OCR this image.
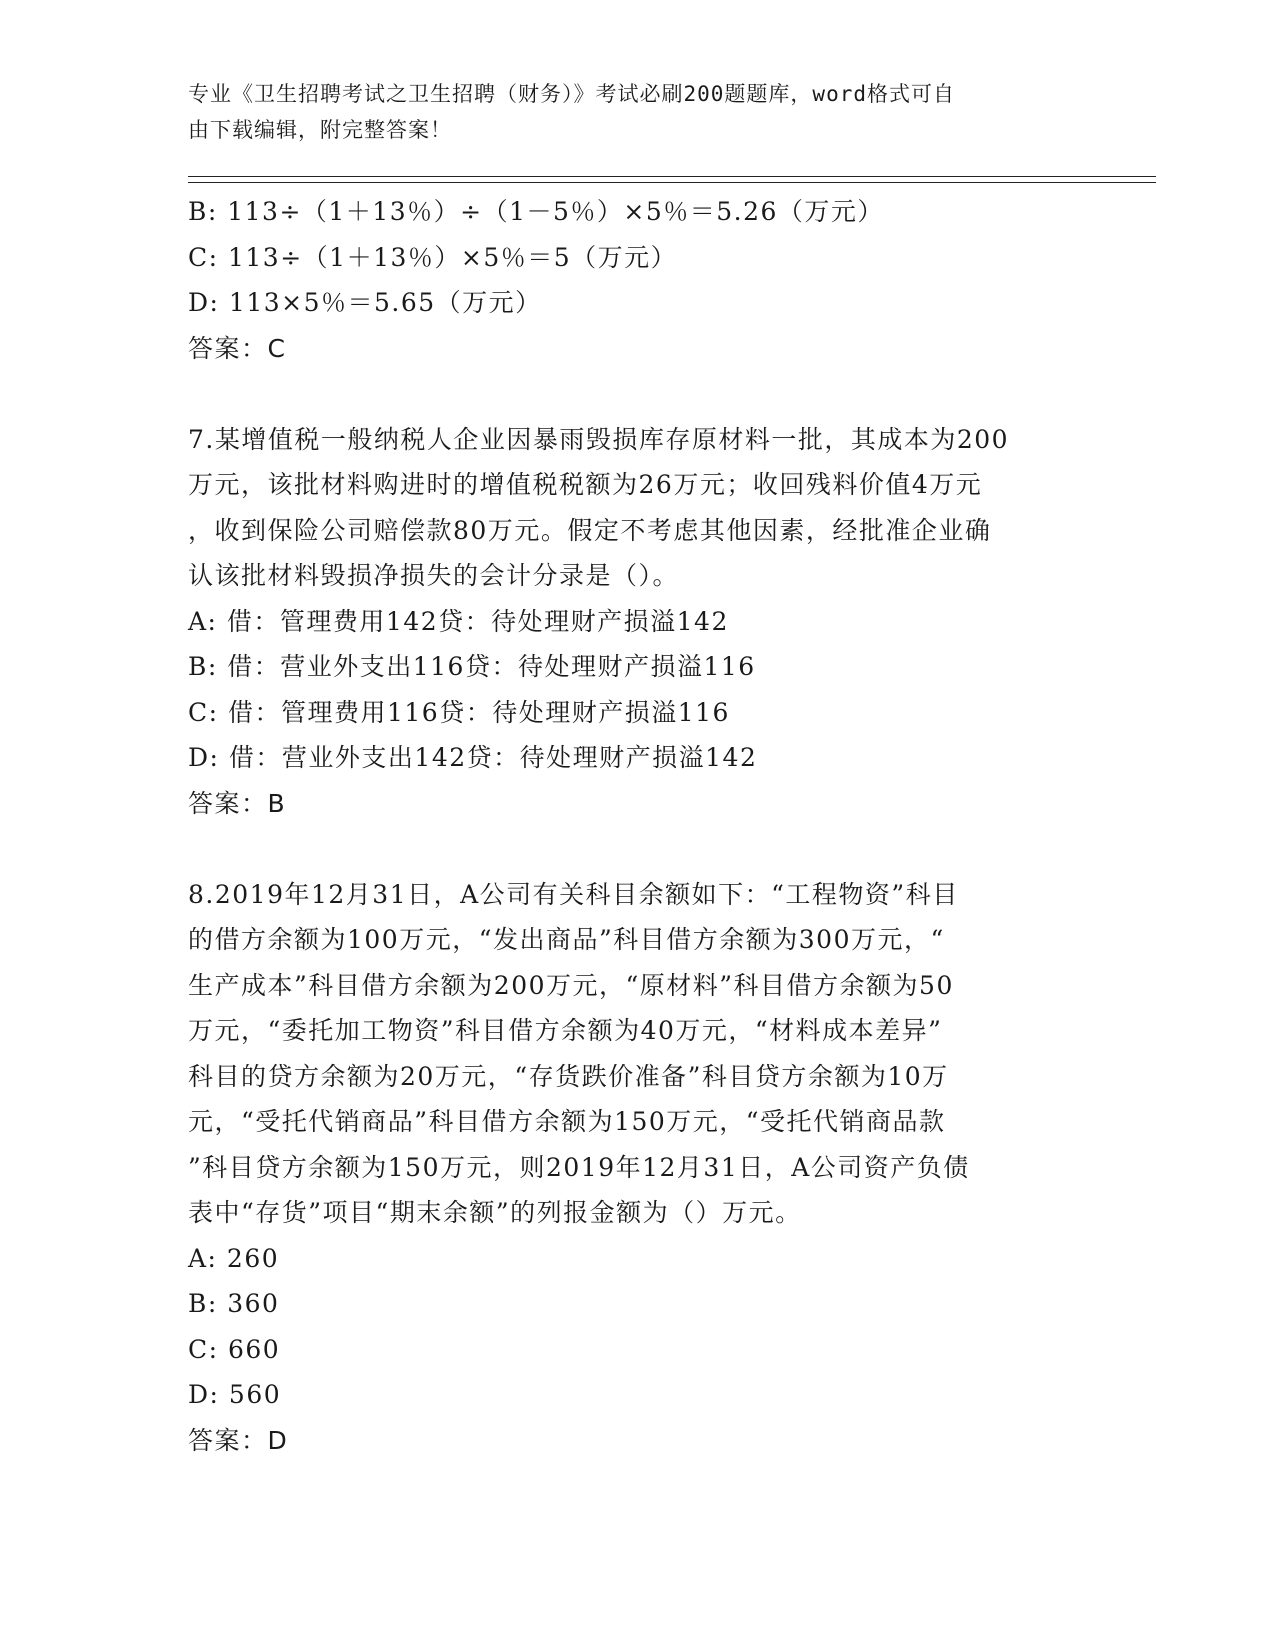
专业《卫生招聘考试之卫生招聘（财务）》考试必刷200题题库，word格式可自
由下载编辑，附完整答案！

B: 113÷（1＋13％）÷（1－5％）×5％＝5.26（万元）

C: 113÷（1＋13％）×5％＝5（万元）

D: 113×5％＝5.65（万元）

答案：C

7.某增值税一般纳税人企业因暴雨毁损库存原材料一批，其成本为200

万元，该批材料购进时的增值税税额为26万元；收回残料价值4万元

，收到保险公司赔偿款80万元。假定不考虑其他因素，经批准企业确

认该批材料毁损净损失的会计分录是（）。

A: 借：管理费用142贷：待处理财产损溢142

B: 借：营业外支出116贷：待处理财产损溢116

C: 借：管理费用116贷：待处理财产损溢116

D: 借：营业外支出142贷：待处理财产损溢142

答案：B

8.2019年12月31日，A公司有关科目余额如下：“工程物资”科目

的借方余额为100万元，“发出商品”科目借方余额为300万元，“

生产成本”科目借方余额为200万元，“原材料”科目借方余额为50

万元，“委托加工物资”科目借方余额为40万元，“材料成本差异”

科目的贷方余额为20万元，“存货跌价准备”科目贷方余额为10万

元，“受托代销商品”科目借方余额为150万元，“受托代销商品款

”科目贷方余额为150万元，则2019年12月31日，A公司资产负债

表中“存货”项目“期末余额”的列报金额为（）万元。

A: 260

B: 360

C: 660

D: 560

答案：D
